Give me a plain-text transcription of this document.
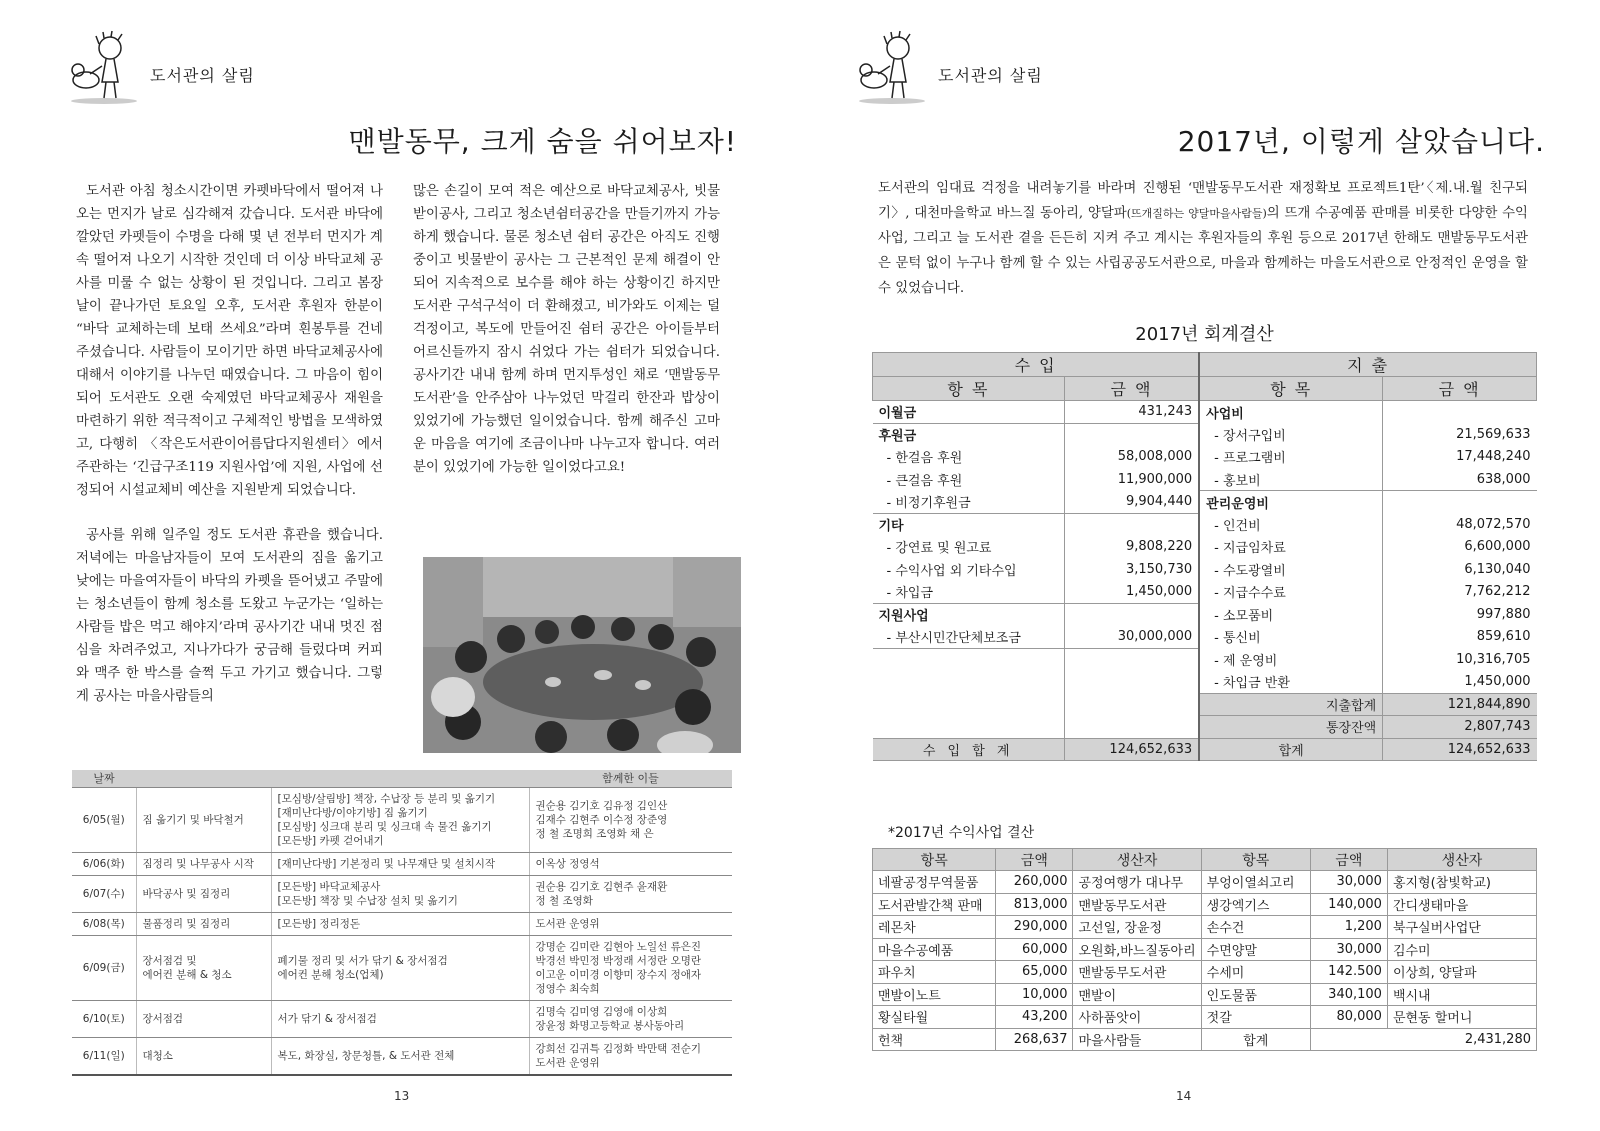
도서관의 살림
맨발동무, 크게 숨을 쉬어보자!

도서관 아침 청소시간이면 카펫바닥에서 떨어져 나오는 먼지가 날로 심각해져 갔습니다. 도서관 바닥에 깔았던 카펫들이 수명을 다해 몇 년 전부터 먼지가 계속 떨어져 나오기 시작한 것인데 더 이상 바닥교체 공사를 미룰 수 없는 상황이 된 것입니다. 그리고 봄장날이 끝나가던 토요일 오후, 도서관 후원자 한분이 “바닥 교체하는데 보태 쓰세요”라며 흰봉투를 건네 주셨습니다. 사람들이 모이기만 하면 바닥교체공사에 대해서 이야기를 나누던 때였습니다. 그 마음이 힘이 되어 도서관도 오랜 숙제였던 바닥교체공사 재원을 마련하기 위한 적극적이고 구체적인 방법을 모색하였고, 다행히 〈작은도서관이어름답다지원센터〉에서 주관하는 ‘긴급구조119 지원사업’에 지원, 사업에 선정되어 시설교체비 예산을 지원받게 되었습니다.

공사를 위해 일주일 정도 도서관 휴관을 했습니다. 저녁에는 마을남자들이 모여 도서관의 짐을 옮기고 낮에는 마을여자들이 바닥의 카펫을 뜯어냈고 주말에는 청소년들이 함께 청소를 도왔고 누군가는 ‘일하는 사람들 밥은 먹고 해야지’라며 공사기간 내내 멋진 점심을 차려주었고, 지나가다가 궁금해 들렀다며 커피와 맥주 한 박스를 슬쩍 두고 가기고 했습니다. 그렇게 공사는 마을사람들의

많은 손길이 모여 적은 예산으로 바닥교체공사, 빗물받이공사, 그리고 청소년쉼터공간을 만들기까지 가능하게 했습니다. 물론 청소년 쉼터 공간은 아직도 진행 중이고 빗물받이 공사는 그 근본적인 문제 해결이 안 되어 지속적으로 보수를 해야 하는 상황이긴 하지만 도서관 구석구석이 더 환해졌고, 비가와도 이제는 덜 걱정이고, 복도에 만들어진 쉼터 공간은 아이들부터 어르신들까지 잠시 쉬었다 가는 쉼터가 되었습니다. 공사기간 내내 함께 하며 먼지투성인 채로 ‘맨발동무도서관’을 안주삼아 나누었던 막걸리 한잔과 밥상이 있었기에 가능했던 일이었습니다. 함께 해주신 고마운 마음을 여기에 조금이나마 나누고자 합니다. 여러분이 있었기에 가능한 일이었다고요!

날짜			함께한 이들
6/05(월)	짐 옮기기 및 바닥철거	[모심방/살림방] 책장, 수납장 등 분리 및 옮기기
[재미난다방/이야기방] 짐 옮기기
[모심방] 싱크대 분리 및 싱크대 속 물건 옮기기
[모든방] 카펫 걷어내기	권순용 김기호 김유정 김인산
김재수 김현주 이수정 장준영
정 철 조명희 조영화 채 은
6/06(화)	짐정리 및 나무공사 시작	[재미난다방] 기본정리 및 나무재단 및 설치시작	이옥상 정영석
6/07(수)	바닥공사 및 짐정리	[모든방] 바닥교체공사
[모든방] 책장 및 수납장 설치 및 옮기기	권순용 김기호 김현주 윤재환
정 철 조영화
6/08(목)	물품정리 및 짐정리	[모든방] 정리정돈	도서관 운영위
6/09(금)	장서점검 및
에어컨 분해 & 청소	폐기물 정리 및 서가 닦기 & 장서점검
에어컨 분해 청소(업체)	강명순 김미란 김현아 노일선 류은진
박경선 박민정 박정래 서정란 오명란
이고운 이미경 이향미 장수지 정애자
정영수 최숙희
6/10(토)	장서점검	서가 닦기 & 장서점검	김명숙 김미영 김영애 이상희
장윤정 화명고등학교 봉사동아리
6/11(일)	대청소	복도, 화장실, 창문청틀, & 도서관 전체	강희선 김귀특 김정화 박만택 전순기
도서관 운영위
13
도서관의 살림
2017년, 이렇게 살았습니다.
도서관의 임대료 걱정을 내려놓기를 바라며 진행된 ‘맨발동무도서관 재정확보 프로젝트1탄’〈제.내.월 친구되기〉, 대천마을학교 바느질 동아리, 양달파(뜨개질하는 양달마을사람들)의 뜨개 수공예품 판매를 비롯한 다양한 수익사업, 그리고 늘 도서관 곁을 든든히 지켜 주고 계시는 후원자들의 후원 등으로 2017년 한해도 맨발동무도서관은 문턱 없이 누구나 함께 할 수 있는 사립공공도서관으로, 마을과 함께하는 마을도서관으로 안정적인 운영을 할 수 있었습니다.
2017년 회계결산
수 입		지 출	
항 목	금 액	항 목	금 액
이월금	431,243	사업비	
후원금		- 장서구입비	21,569,633
- 한걸음 후원	58,008,000	- 프로그램비	17,448,240
- 큰걸음 후원	11,900,000	- 홍보비	638,000
- 비정기후원금	9,904,440	관리운영비	
기타		- 인건비	48,072,570
- 강연료 및 원고료	9,808,220	- 지급임차료	6,600,000
- 수익사업 외 기타수입	3,150,730	- 수도광열비	6,130,040
- 차입금	1,450,000	- 지급수수료	7,762,212
지원사업		- 소모품비	997,880
- 부산시민간단체보조금	30,000,000	- 통신비	859,610
		- 제 운영비	10,316,705
		- 차입금 반환	1,450,000
		지출합계	121,844,890
		통장잔액	2,807,743
수 입 합 계	124,652,633	합계	124,652,633
*2017년 수익사업 결산
항목	금액	생산자	항목	금액	생산자
네팔공정무역물품	260,000	공정여행가 대나무	부엉이열쇠고리	30,000	홍지형(참빛학교)
도서관발간책 판매	813,000	맨발동무도서관	생강엑기스	140,000	간디생태마을
레몬차	290,000	고선일, 장윤정	손수건	1,200	북구실버사업단
마을수공예품	60,000	오원화,바느질동아리	수면양말	30,000	김수미
파우치	65,000	맨발동무도서관	수세미	142.500	이상희, 양달파
맨발이노트	10,000	맨발이	인도물품	340,100	백시내
황실타월	43,200	사하품앗이	젓갈	80,000	문현동 할머니
헌책	268,637	마을사람들	합계	2,431,280	
14
